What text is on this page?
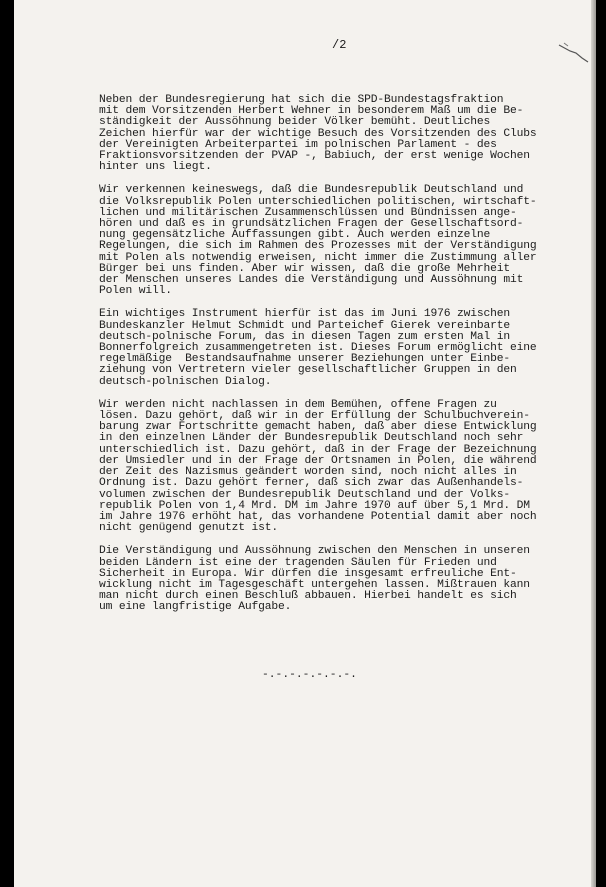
/2
Neben der Bundesregierung hat sich die SPD-Bundestagsfraktion
mit dem Vorsitzenden Herbert Wehner in besonderem Maß um die Be-
ständigkeit der Aussöhnung beider Völker bemüht. Deutliches
Zeichen hierfür war der wichtige Besuch des Vorsitzenden des Clubs
der Vereinigten Arbeiterpartei im polnischen Parlament - des
Fraktionsvorsitzenden der PVAP -, Babiuch, der erst wenige Wochen
hinter uns liegt.
Wir verkennen keineswegs, daß die Bundesrepublik Deutschland und
die Volksrepublik Polen unterschiedlichen politischen, wirtschaft-
lichen und militärischen Zusammenschlüssen und Bündnissen ange-
hören und daß es in grundsätzlichen Fragen der Gesellschaftsord-
nung gegensätzliche Auffassungen gibt. Auch werden einzelne
Regelungen, die sich im Rahmen des Prozesses mit der Verständigung
mit Polen als notwendig erweisen, nicht immer die Zustimmung aller
Bürger bei uns finden. Aber wir wissen, daß die große Mehrheit
der Menschen unseres Landes die Verständigung und Aussöhnung mit
Polen will.
Ein wichtiges Instrument hierfür ist das im Juni 1976 zwischen
Bundeskanzler Helmut Schmidt und Parteichef Gierek vereinbarte
deutsch-polnische Forum, das in diesen Tagen zum ersten Mal in
Bonnerfolgreich zusammengetreten ist. Dieses Forum ermöglicht eine
regelmäßige  Bestandsaufnahme unserer Beziehungen unter Einbe-
ziehung von Vertretern vieler gesellschaftlicher Gruppen in den
deutsch-polnischen Dialog.
Wir werden nicht nachlassen in dem Bemühen, offene Fragen zu
lösen. Dazu gehört, daß wir in der Erfüllung der Schulbuchverein-
barung zwar Fortschritte gemacht haben, daß aber diese Entwicklung
in den einzelnen Länder der Bundesrepublik Deutschland noch sehr
unterschiedlich ist. Dazu gehört, daß in der Frage der Bezeichnung
der Umsiedler und in der Frage der Ortsnamen in Polen, die während
der Zeit des Nazismus geändert worden sind, noch nicht alles in
Ordnung ist. Dazu gehört ferner, daß sich zwar das Außenhandels-
volumen zwischen der Bundesrepublik Deutschland und der Volks-
republik Polen von 1,4 Mrd. DM im Jahre 1970 auf über 5,1 Mrd. DM
im Jahre 1976 erhöht hat, das vorhandene Potential damit aber noch
nicht genügend genutzt ist.
Die Verständigung und Aussöhnung zwischen den Menschen in unseren
beiden Ländern ist eine der tragenden Säulen für Frieden und
Sicherheit in Europa. Wir dürfen die insgesamt erfreuliche Ent-
wicklung nicht im Tagesgeschäft untergehen lassen. Mißtrauen kann
man nicht durch einen Beschluß abbauen. Hierbei handelt es sich
um eine langfristige Aufgabe.
-.-.-.-.-.-.-.
